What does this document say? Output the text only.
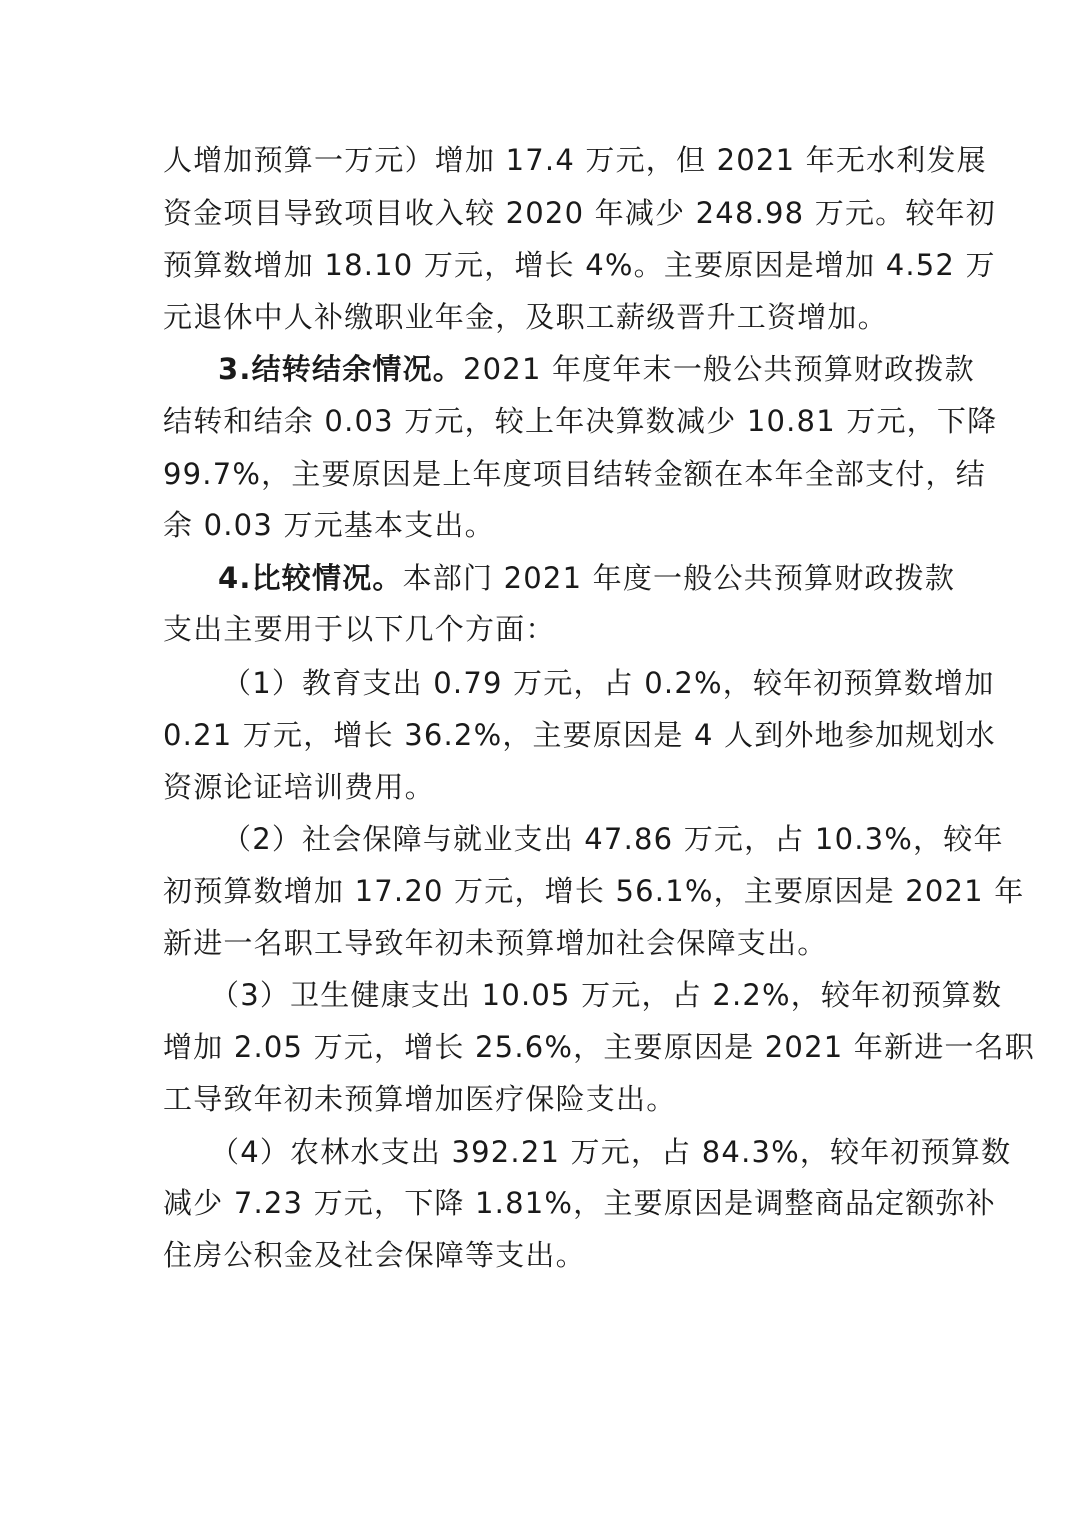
人增加预算一万元）增加 17.4 万元，但 2021 年无水利发展
资金项目导致项目收入较 2020 年减少 248.98 万元。较年初
预算数增加 18.10 万元，增长 4%。主要原因是增加 4.52 万
元退休中人补缴职业年金，及职工薪级晋升工资增加。
3.结转结余情况。2021 年度年末一般公共预算财政拨款
结转和结余 0.03 万元，较上年决算数减少 10.81 万元，下降
99.7%，主要原因是上年度项目结转金额在本年全部支付，结
余 0.03 万元基本支出。
4.比较情况。本部门 2021 年度一般公共预算财政拨款
支出主要用于以下几个方面：
（1）教育支出 0.79 万元，占 0.2%，较年初预算数增加
0.21 万元，增长 36.2%，主要原因是 4 人到外地参加规划水
资源论证培训费用。
（2）社会保障与就业支出 47.86 万元，占 10.3%，较年
初预算数增加 17.20 万元，增长 56.1%，主要原因是 2021 年
新进一名职工导致年初未预算增加社会保障支出。
（3）卫生健康支出 10.05 万元，占 2.2%，较年初预算数
增加 2.05 万元，增长 25.6%，主要原因是 2021 年新进一名职
工导致年初未预算增加医疗保险支出。
（4）农林水支出 392.21 万元，占 84.3%，较年初预算数
减少 7.23 万元，下降 1.81%，主要原因是调整商品定额弥补
住房公积金及社会保障等支出。
